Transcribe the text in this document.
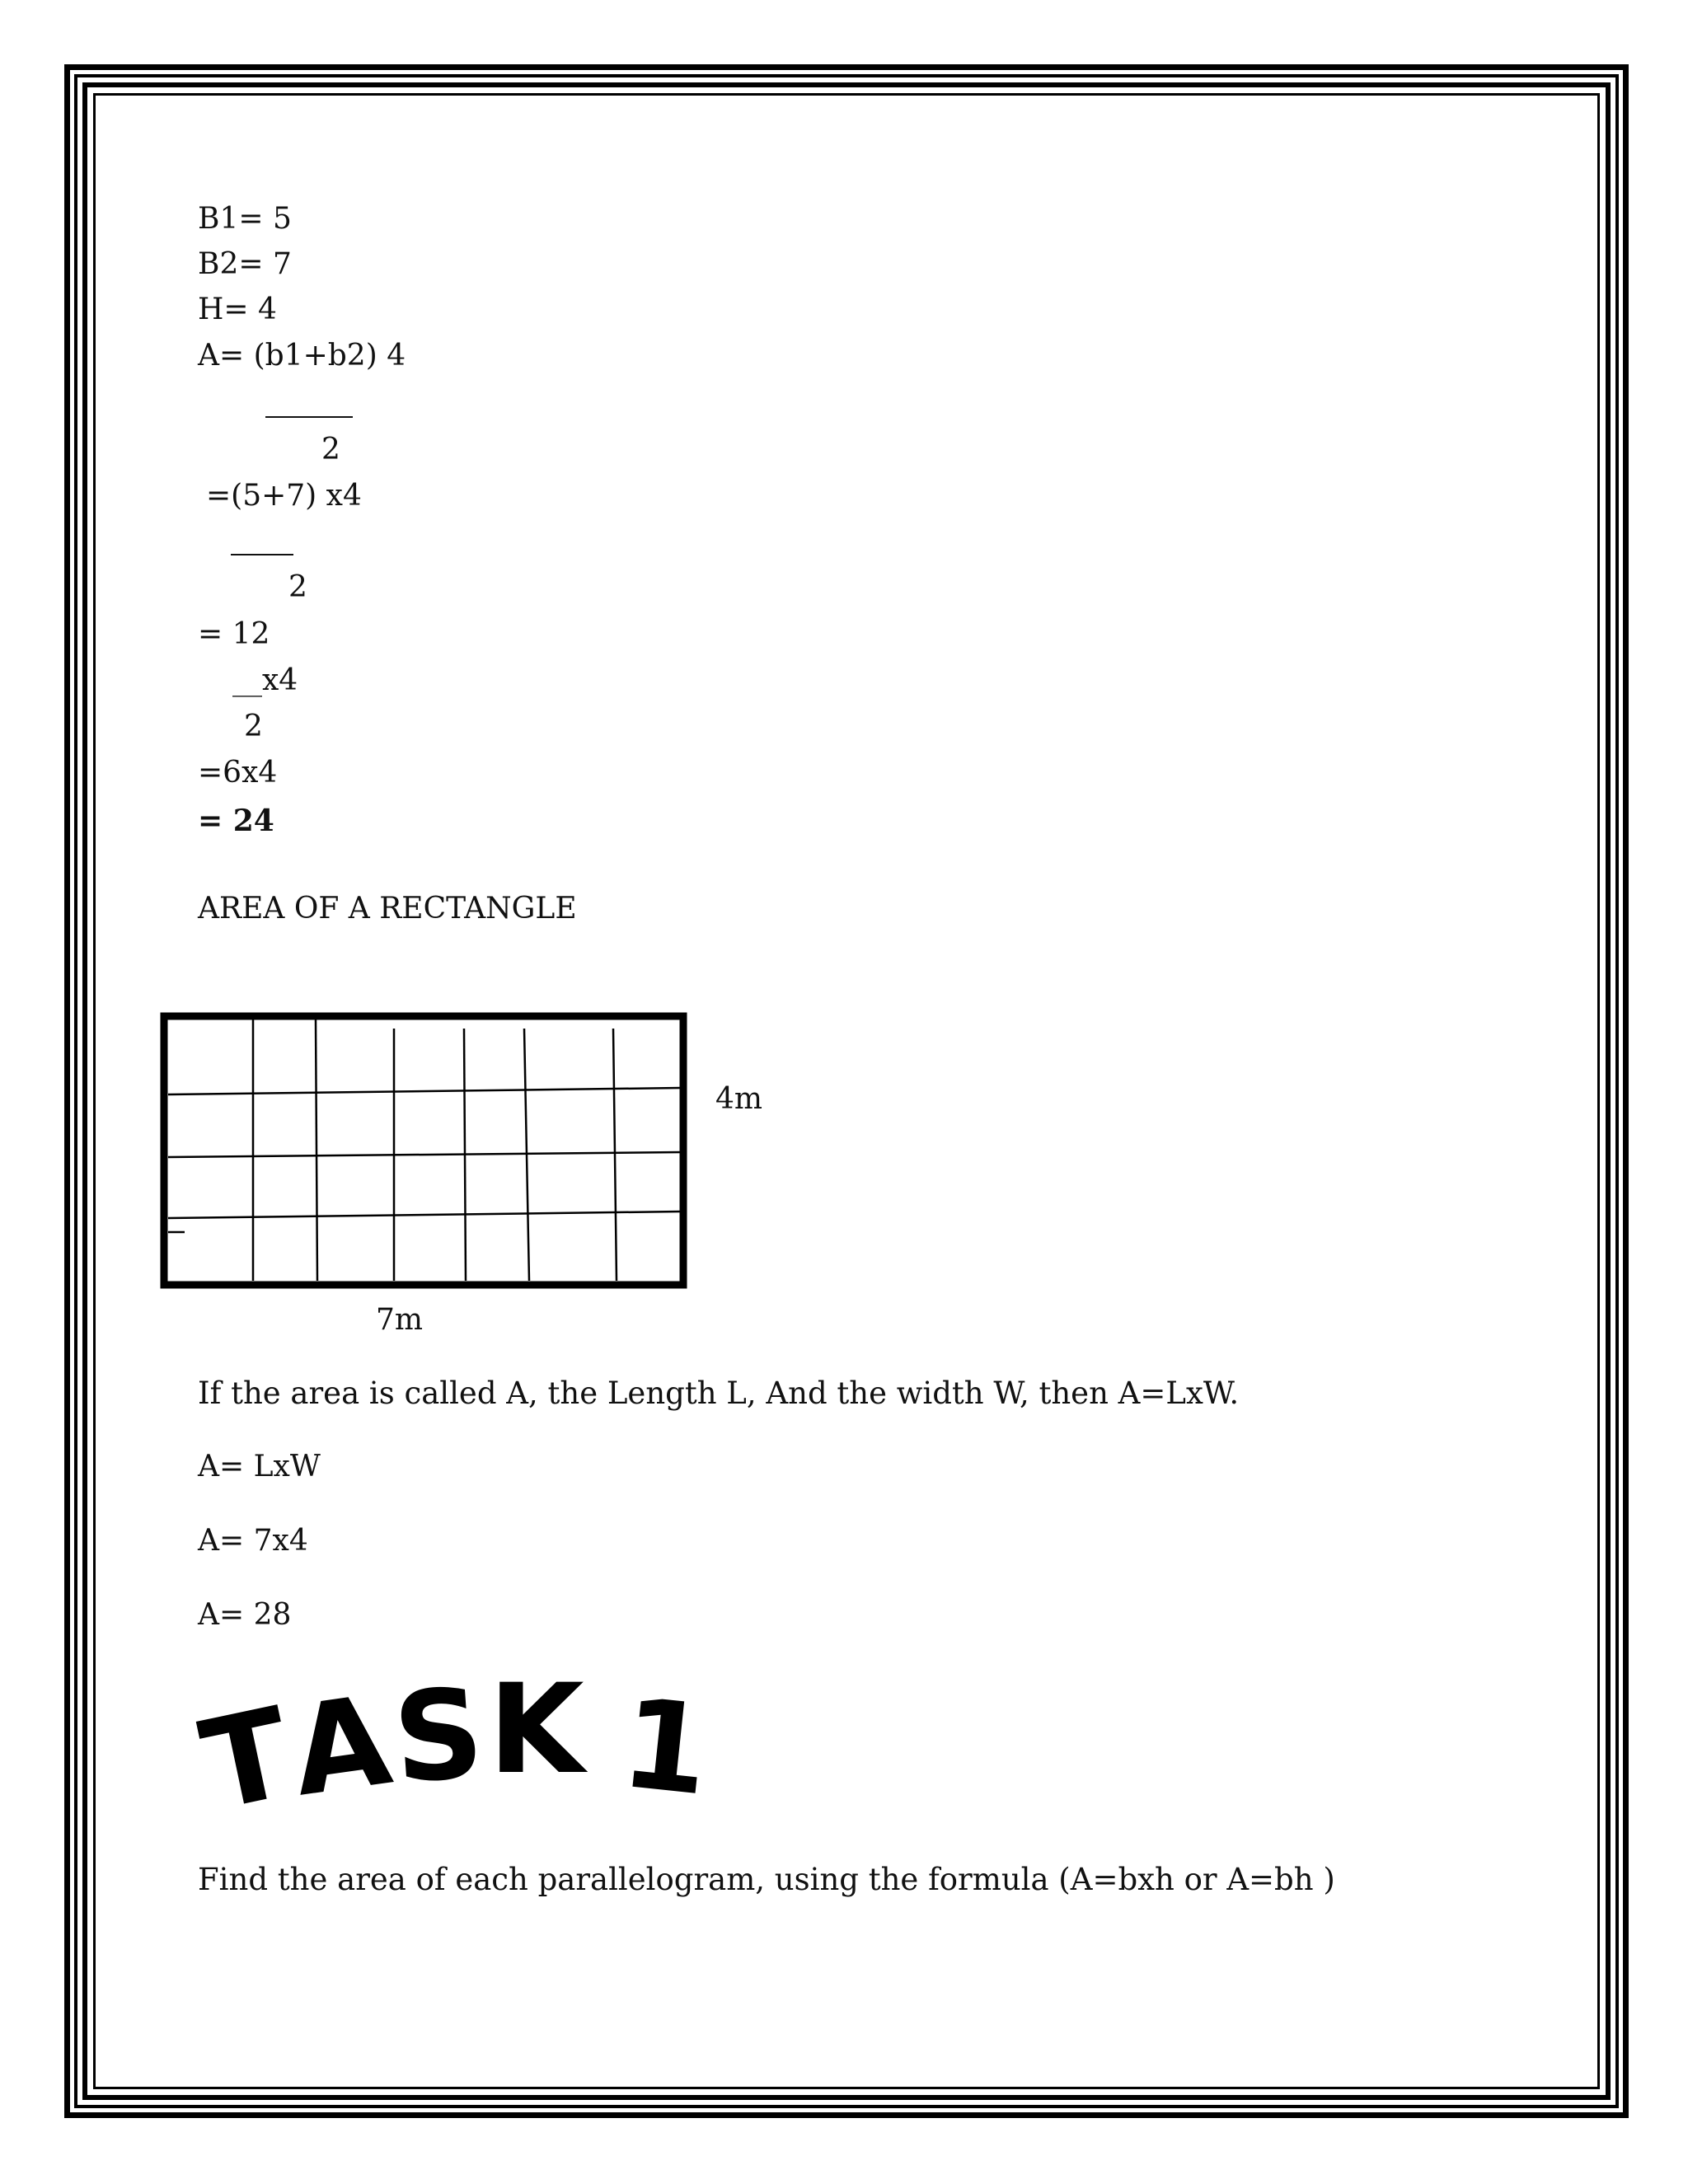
B1= 5
B2= 7
H= 4
A= (b1+b2) 4
2
=(5+7) x4
2
= 12
__x4
2
=6x4
= 24
AREA OF A RECTANGLE
4m
7m
If the area is called A, the Length L, And the width W, then A=LxW.
A= LxW
A= 7x4
A= 28
TASK 1
Find the area of each parallelogram, using the formula (A=bxh or A=bh )
